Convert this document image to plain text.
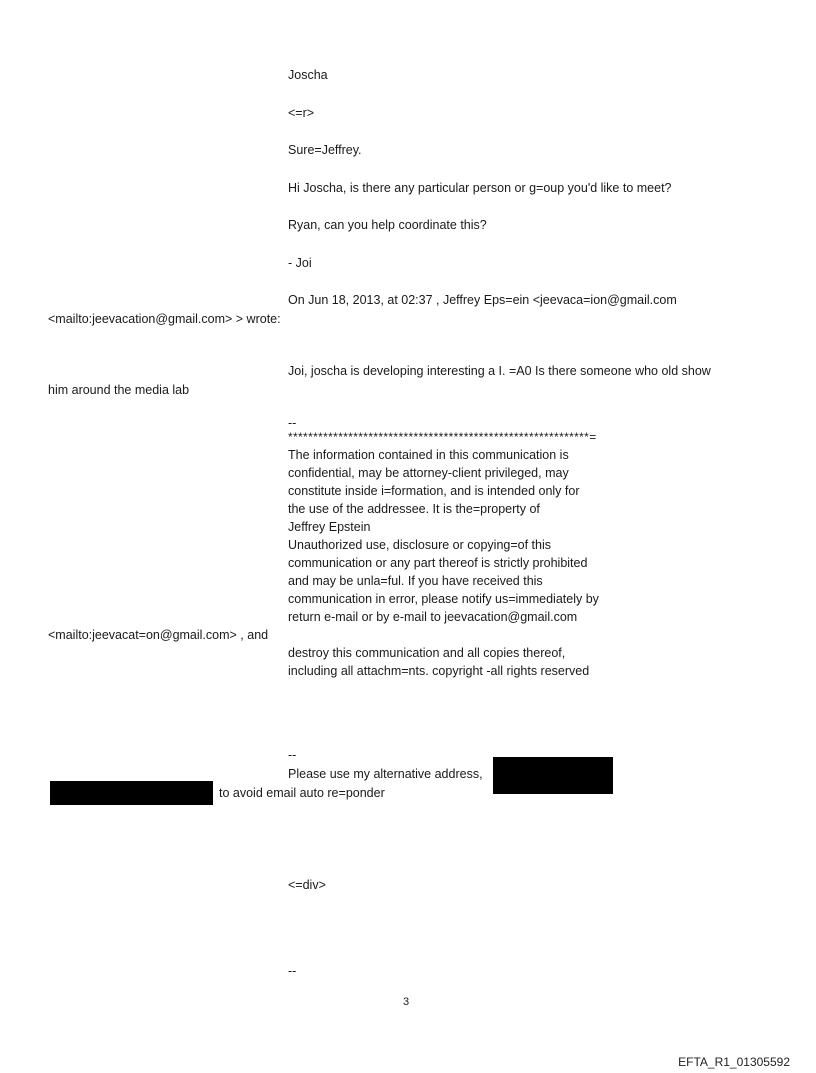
Joscha
<=r>
Sure=Jeffrey.
Hi Joscha, is there any particular person or g=oup you'd like to meet?
Ryan, can you help coordinate this?
- Joi
On Jun 18, 2013, at 02:37 , Jeffrey Eps=ein <jeevaca=ion@gmail.com
<mailto:jeevacation@gmail.com> > wrote:
Joi, joscha is developing interesting a I. =A0 Is there someone who old show
him around the media lab
--
************************************************************=
The information contained in this communication is
confidential, may be attorney-client privileged, may
constitute inside i=formation, and is intended only for
the use of the addressee. It is the=property of
Jeffrey Epstein
Unauthorized use, disclosure or copying=of this
communication or any part thereof is strictly prohibited
and may be unla=ful. If you have received this
communication in error, please notify us=immediately by
return e-mail or by e-mail to jeevacation@gmail.com
<mailto:jeevacat=on@gmail.com> , and
destroy this communication and all copies thereof,
including all attachm=nts. copyright -all rights reserved
--
Please use my alternative address,
to avoid email auto re=ponder
<=div>
--
3
EFTA_R1_01305592
